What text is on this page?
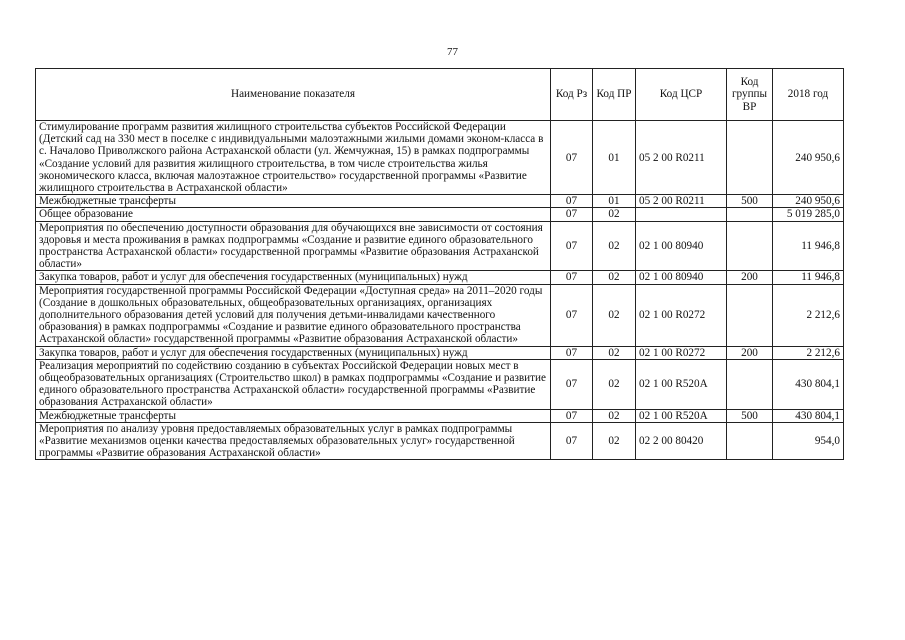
77
Наименование показателя	Код Рз	Код ПР	Код ЦСР	Код группы ВР	2018 год
Стимулирование программ развития жилищного строительства субъектов Российской Федерации (Детский сад на 330 мест в поселке с индивидуальными малоэтажными жилыми домами эконом-класса в с. Началово Приволжского района Астраханской области (ул. Жемчужная, 15) в рамках подпрограммы «Создание условий для развития жилищного строительства, в том числе строительства жилья экономического класса, включая малоэтажное строительство» государственной программы «Развитие жилищного строительства в Астраханской области»	07	01	05 2 00 R0211		240 950,6
Межбюджетные трансферты	07	01	05 2 00 R0211	500	240 950,6
Общее образование	07	02			5 019 285,0
Мероприятия по обеспечению доступности образования для обучающихся вне зависимости от состояния здоровья и места проживания в рамках подпрограммы «Создание и развитие единого образовательного пространства Астраханской области» государственной программы «Развитие образования Астраханской области»	07	02	02 1 00 80940		11 946,8
Закупка товаров, работ и услуг для обеспечения государственных (муниципальных) нужд	07	02	02 1 00 80940	200	11 946,8
Мероприятия государственной программы Российской Федерации «Доступная среда» на 2011–2020 годы (Создание в дошкольных образовательных, общеобразовательных организациях, организациях дополнительного образования детей условий для получения детьми-инвалидами качественного образования) в рамках подпрограммы «Создание и развитие единого образовательного пространства Астраханской области» государственной программы «Развитие образования Астраханской области»	07	02	02 1 00 R0272		2 212,6
Закупка товаров, работ и услуг для обеспечения государственных (муниципальных) нужд	07	02	02 1 00 R0272	200	2 212,6
Реализация мероприятий по содействию созданию в субъектах Российской Федерации новых мест в общеобразовательных организациях (Строительство школ) в рамках подпрограммы «Создание и развитие единого образовательного пространства Астраханской области» государственной программы «Развитие образования Астраханской области»	07	02	02 1 00 R520A		430 804,1
Межбюджетные трансферты	07	02	02 1 00 R520A	500	430 804,1
Мероприятия по анализу уровня предоставляемых образовательных услуг в рамках подпрограммы «Развитие механизмов оценки качества предоставляемых образовательных услуг» государственной программы «Развитие образования Астраханской области»	07	02	02 2 00 80420		954,0
